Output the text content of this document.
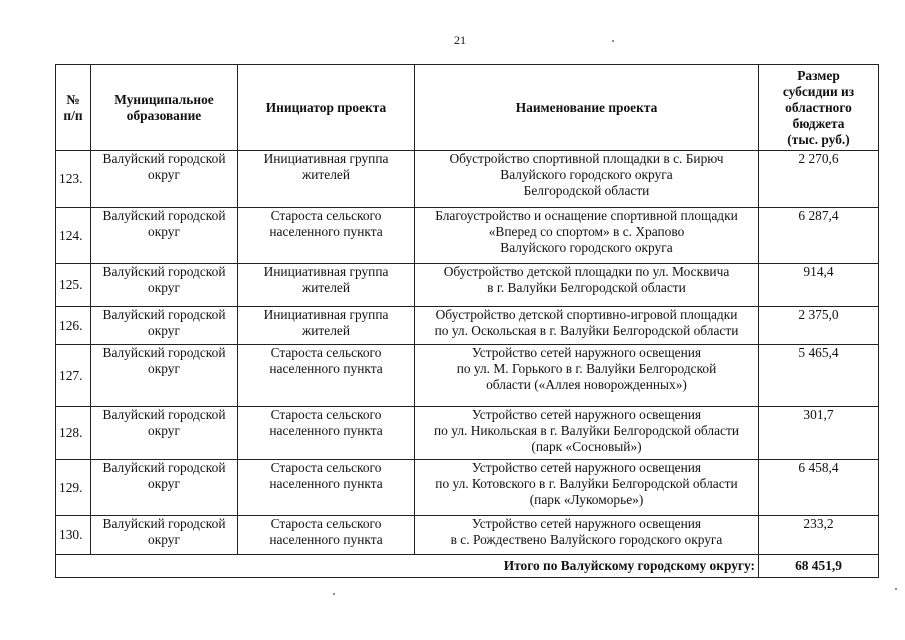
21
№
п/п	Муниципальное
образование	Инициатор проекта	Наименование проекта	Размер
субсидии из
областного
бюджета
(тыс. руб.)

123.	Валуйский городской
округ	Инициативная группа
жителей	Обустройство спортивной площадки в с. Бирюч
Валуйского городского округа
Белгородской области	2 270,6
124.	Валуйский городской
округ	Староста сельского
населенного пункта	Благоустройство и оснащение спортивной площадки
«Вперед со спортом» в с. Храпово
Валуйского городского округа	6 287,4
125.	Валуйский городской
округ	Инициативная группа
жителей	Обустройство детской площадки по ул. Москвича
в г. Валуйки Белгородской области	914,4
126.	Валуйский городской
округ	Инициативная группа
жителей	Обустройство детской спортивно-игровой площадки
по ул. Оскольская в г. Валуйки Белгородской области	2 375,0
127.	Валуйский городской
округ	Староста сельского
населенного пункта	Устройство сетей наружного освещения
по ул. М. Горького в г. Валуйки Белгородской
области («Аллея новорожденных»)	5 465,4
128.	Валуйский городской
округ	Староста сельского
населенного пункта	Устройство сетей наружного освещения
по ул. Никольская в г. Валуйки Белгородской области
(парк «Сосновый»)	301,7
129.	Валуйский городской
округ	Староста сельского
населенного пункта	Устройство сетей наружного освещения
по ул. Котовского в г. Валуйки Белгородской области
(парк «Лукоморье»)	6 458,4
130.	Валуйский городской
округ	Староста сельского
населенного пункта	Устройство сетей наружного освещения
в с. Рождествено Валуйского городского округа	233,2
Итого по Валуйскому городскому округу:				68 451,9
